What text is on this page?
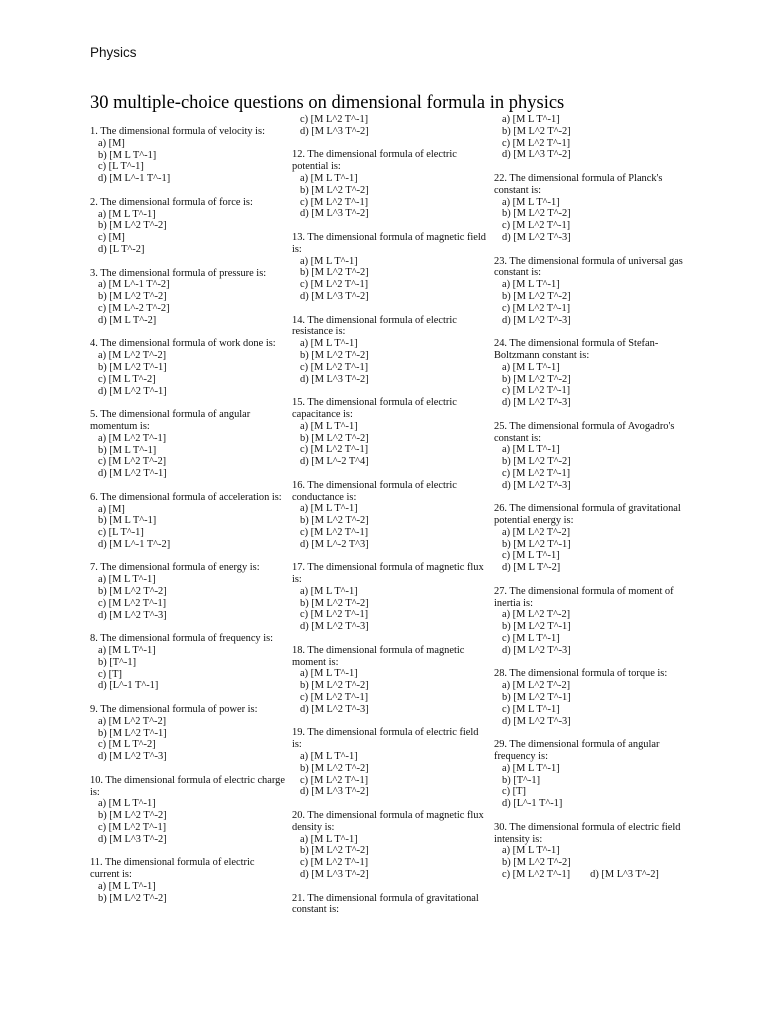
Physics
30 multiple-choice questions on dimensional formula in physics

1. The dimensional formula of velocity is:

a) [M]
b) [M L T^-1]
c) [L T^-1]
d) [M L^-1 T^-1]

2. The dimensional formula of force is:

a) [M L T^-1]
b) [M L^2 T^-2]
c) [M]
d) [L T^-2]

3. The dimensional formula of pressure is:

a) [M L^-1 T^-2]
b) [M L^2 T^-2]
c) [M L^-2 T^-2]
d) [M L T^-2]

4. The dimensional formula of work done is:

a) [M L^2 T^-2]
b) [M L^2 T^-1]
c) [M L T^-2]
d) [M L^2 T^-1]

5. The dimensional formula of angular momentum is:

a) [M L^2 T^-1]
b) [M L T^-1]
c) [M L^2 T^-2]
d) [M L^2 T^-1]

6. The dimensional formula of acceleration is:

a) [M]
b) [M L T^-1]
c) [L T^-1]
d) [M L^-1 T^-2]

7. The dimensional formula of energy is:

a) [M L T^-1]
b) [M L^2 T^-2]
c) [M L^2 T^-1]
d) [M L^2 T^-3]

8. The dimensional formula of frequency is:

a) [M L T^-1]
b) [T^-1]
c) [T]
d) [L^-1 T^-1]

9. The dimensional formula of power is:

a) [M L^2 T^-2]
b) [M L^2 T^-1]
c) [M L T^-2]
d) [M L^2 T^-3]

10. The dimensional formula of electric charge is:

a) [M L T^-1]
b) [M L^2 T^-2]
c) [M L^2 T^-1]
d) [M L^3 T^-2]

11. The dimensional formula of electric current is:

a) [M L T^-1]
b) [M L^2 T^-2]
c) [M L^2 T^-1]
d) [M L^3 T^-2]

12. The dimensional formula of electric potential is:

a) [M L T^-1]
b) [M L^2 T^-2]
c) [M L^2 T^-1]
d) [M L^3 T^-2]

13. The dimensional formula of magnetic field is:

a) [M L T^-1]
b) [M L^2 T^-2]
c) [M L^2 T^-1]
d) [M L^3 T^-2]

14. The dimensional formula of electric resistance is:

a) [M L T^-1]
b) [M L^2 T^-2]
c) [M L^2 T^-1]
d) [M L^3 T^-2]

15. The dimensional formula of electric capacitance is:

a) [M L T^-1]
b) [M L^2 T^-2]
c) [M L^2 T^-1]
d) [M L^-2 T^4]

16. The dimensional formula of electric conductance is:

a) [M L T^-1]
b) [M L^2 T^-2]
c) [M L^2 T^-1]
d) [M L^-2 T^3]

17. The dimensional formula of magnetic flux is:

a) [M L T^-1]
b) [M L^2 T^-2]
c) [M L^2 T^-1]
d) [M L^2 T^-3]

18. The dimensional formula of magnetic moment is:

a) [M L T^-1]
b) [M L^2 T^-2]
c) [M L^2 T^-1]
d) [M L^2 T^-3]

19. The dimensional formula of electric field is:

a) [M L T^-1]
b) [M L^2 T^-2]
c) [M L^2 T^-1]
d) [M L^3 T^-2]

20. The dimensional formula of magnetic flux density is:

a) [M L T^-1]
b) [M L^2 T^-2]
c) [M L^2 T^-1]
d) [M L^3 T^-2]

21. The dimensional formula of gravitational constant is:

a) [M L T^-1]
b) [M L^2 T^-2]
c) [M L^2 T^-1]
d) [M L^3 T^-2]

22. The dimensional formula of Planck's constant is:

a) [M L T^-1]
b) [M L^2 T^-2]
c) [M L^2 T^-1]
d) [M L^2 T^-3]

23. The dimensional formula of universal gas constant is:

a) [M L T^-1]
b) [M L^2 T^-2]
c) [M L^2 T^-1]
d) [M L^2 T^-3]

24. The dimensional formula of Stefan-Boltzmann constant is:

a) [M L T^-1]
b) [M L^2 T^-2]
c) [M L^2 T^-1]
d) [M L^2 T^-3]

25. The dimensional formula of Avogadro's constant is:

a) [M L T^-1]
b) [M L^2 T^-2]
c) [M L^2 T^-1]
d) [M L^2 T^-3]

26. The dimensional formula of gravitational potential energy is:

a) [M L^2 T^-2]
b) [M L^2 T^-1]
c) [M L T^-1]
d) [M L T^-2]

27. The dimensional formula of moment of inertia is:

a) [M L^2 T^-2]
b) [M L^2 T^-1]
c) [M L T^-1]
d) [M L^2 T^-3]

28. The dimensional formula of torque is:

a) [M L^2 T^-2]
b) [M L^2 T^-1]
c) [M L T^-1]
d) [M L^2 T^-3]

29. The dimensional formula of angular frequency is:

a) [M L T^-1]
b) [T^-1]
c) [T]
d) [L^-1 T^-1]

30. The dimensional formula of electric field intensity is:

a) [M L T^-1]
b) [M L^2 T^-2]
c) [M L^2 T^-1] d) [M L^3 T^-2]
